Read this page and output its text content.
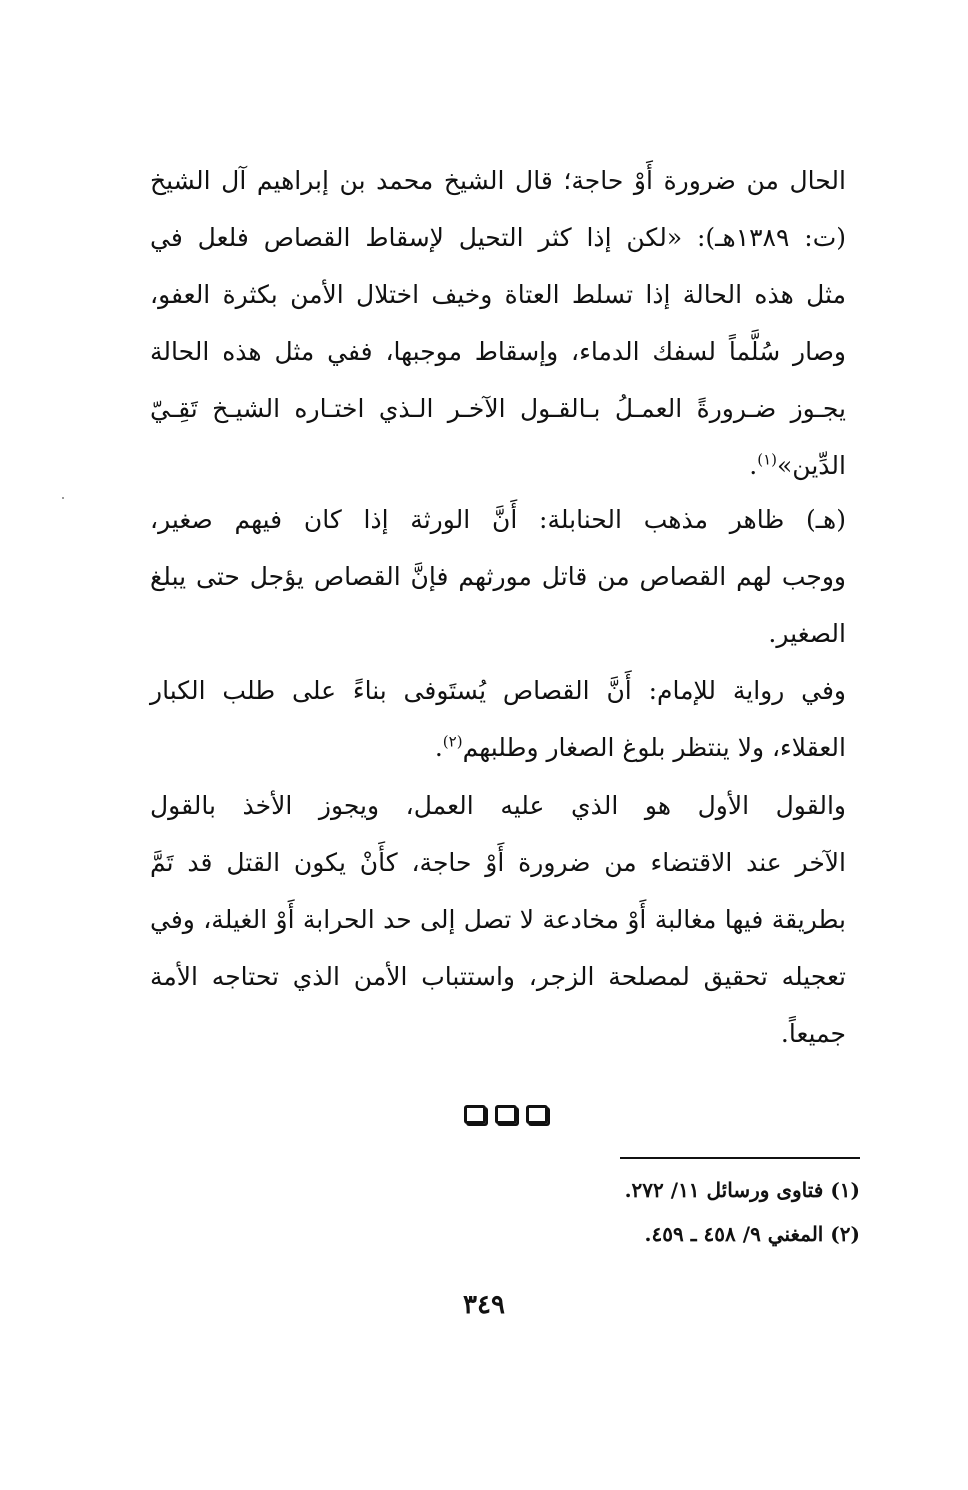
الحال من ضرورة أَوْ حاجة؛ قال الشيخ محمد بن إبراهيم آل الشيخ
(ت: ١٣٨٩هـ): «لكن إذا كثر التحيل لإسقاط القصاص فلعل في
مثل هذه الحالة إذا تسلط العتاة وخيف اختلال الأمن بكثرة العفو،
وصار سُلَّماً لسفك الدماء، وإسقاط موجبها، ففي مثل هذه الحالة
يجـوز ضـرورةً العمـلُ بـالقـول الآخـر الـذي اختـاره الشيـخ تَقِـيّ
الدِّين»$^{(١)}$.
(هـ) ظاهر مذهب الحنابلة: أَنَّ الورثة إذا كان فيهم صغير،
ووجب لهم القصاص من قاتل مورثهم فإنَّ القصاص يؤجل حتى يبلغ
الصغير.
وفي رواية للإمام: أَنَّ القصاص يُستَوفى بناءً على طلب الكبار
العقلاء، ولا ينتظر بلوغ الصغار وطلبهم$^{(٢)}$.
والقول الأول هو الذي عليه العمل، ويجوز الأخذ بالقول
الآخر عند الاقتضاء من ضرورة أَوْ حاجة، كأَنْ يكون القتل قد تَمَّ
بطريقة فيها مغالبة أَوْ مخادعة لا تصل إلى حد الحرابة أَوْ الغيلة، وفي
تعجيله تحقيق لمصلحة الزجر، واستتباب الأمن الذي تحتاجه الأمة
جميعاً.
(١) فتاوى ورسائل ١١/ ٢٧٢.
(٢) المغني ٩/ ٤٥٨ ـ ٤٥٩.
٣٤٩
